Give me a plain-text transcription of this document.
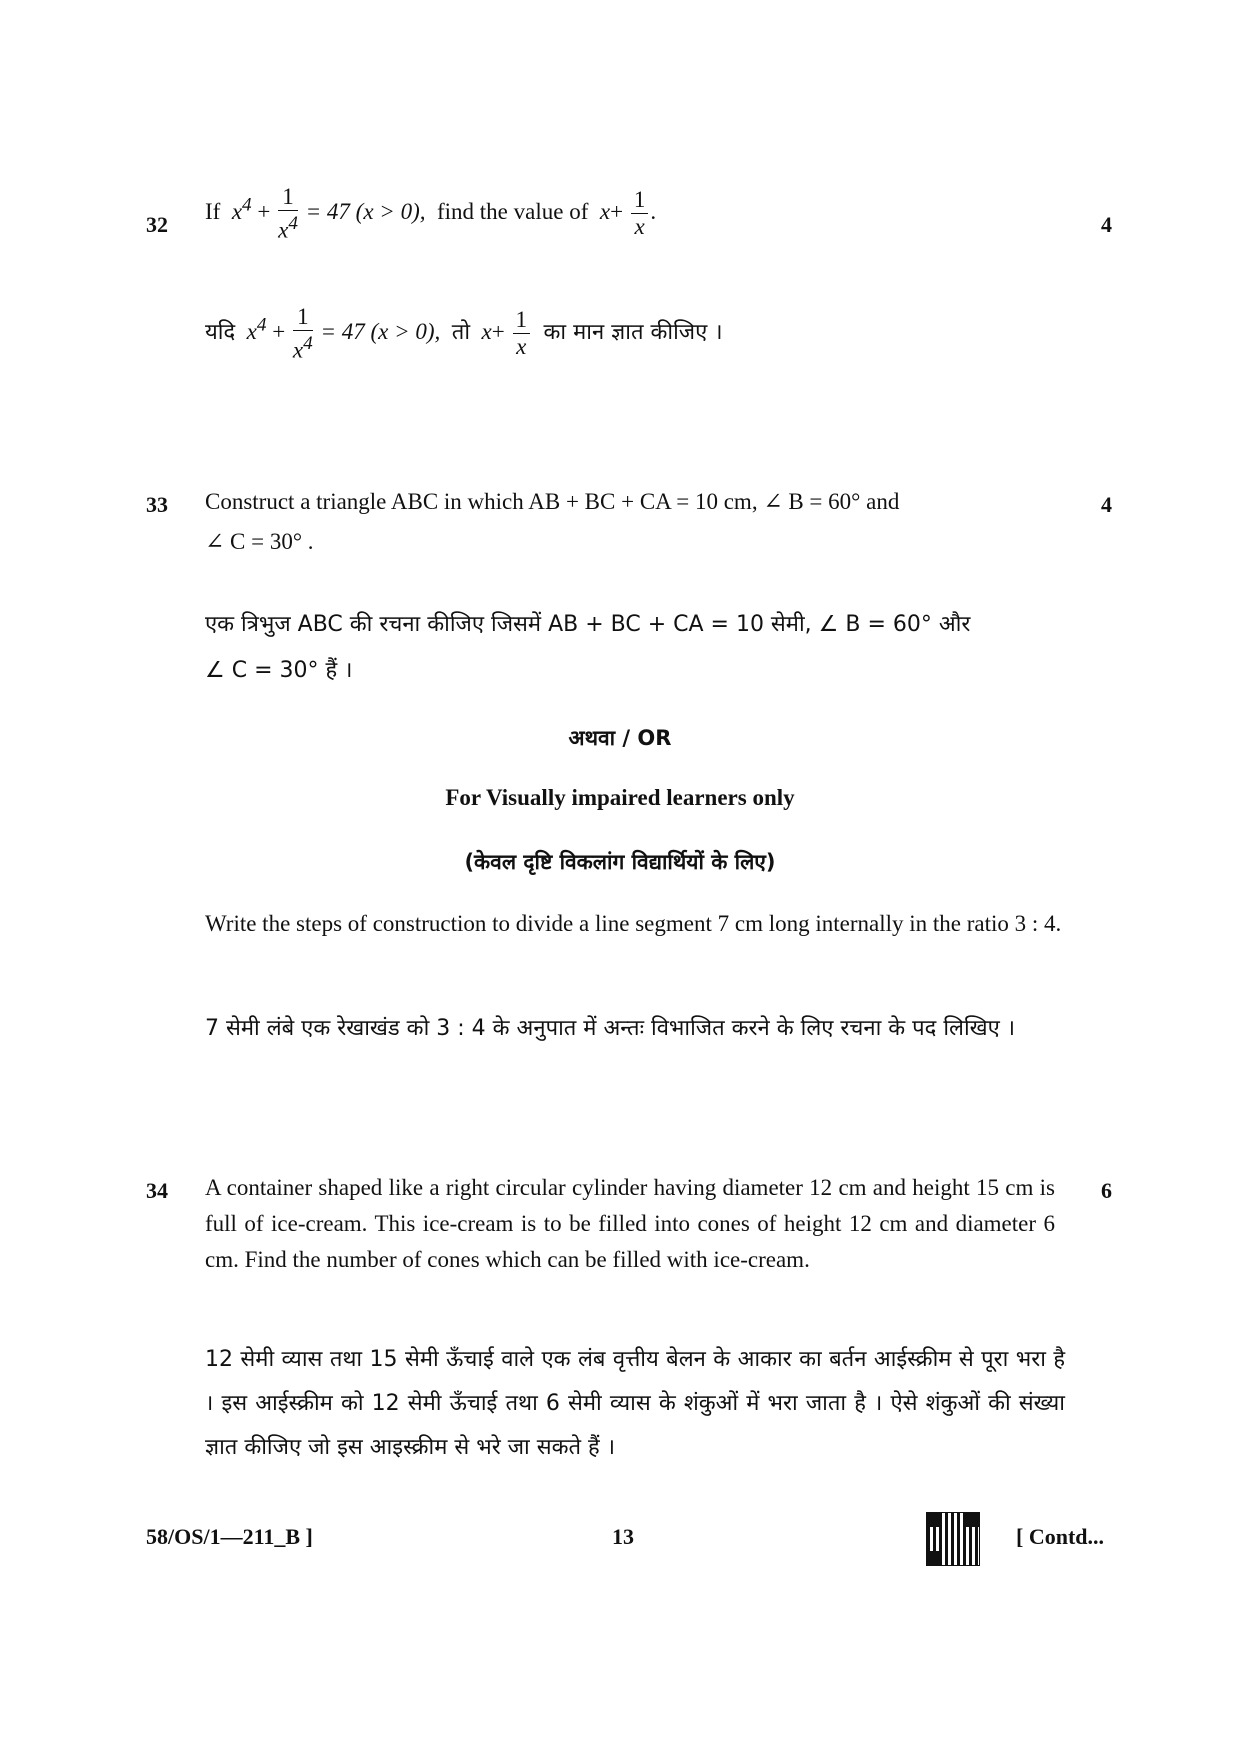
32
If $x^4 + \frac{1}{x^4} = 47$ (x > 0), find the value of $x+ \frac{1}{x}$ .
4
यदि $x^4 + \frac{1}{x^4} = 47$ (x > 0), तो $x+ \frac{1}{x}$ का मान ज्ञात कीजिए ।
33 Construct a triangle ABC in which AB + BC + CA = 10 cm, ∠ B = 60° and
∠ C = 30° .
4
एक त्रिभुज ABC की रचना कीजिए जिसमें AB + BC + CA = 10 सेमी, ∠ B = 60° और
∠ C = 30° हैं ।
अथवा / OR
For Visually impaired learners only
(केवल दृष्टि विकलांग विद्यार्थियों के लिए)
Write the steps of construction to divide a line segment 7 cm long internally in the ratio 3 : 4.
7 सेमी लंबे एक रेखाखंड को 3 : 4 के अनुपात में अन्तः विभाजित करने के लिए रचना के पद लिखिए ।
34 A container shaped like a right circular cylinder having diameter 12 cm and height 15 cm is full of ice-cream. This ice-cream is to be filled into cones of height 12 cm and diameter 6 cm. Find the number of cones which can be filled with ice-cream.
6
12 सेमी व्यास तथा 15 सेमी ऊँचाई वाले एक लंब वृत्तीय बेलन के आकार का बर्तन आईस्क्रीम से पूरा भरा है । इस आईस्क्रीम को 12 सेमी ऊँचाई तथा 6 सेमी व्यास के शंकुओं में भरा जाता है । ऐसे शंकुओं की संख्या ज्ञात कीजिए जो इस आइस्क्रीम से भरे जा सकते हैं ।
58/OS/1—211_B ]	13	[ Contd...
